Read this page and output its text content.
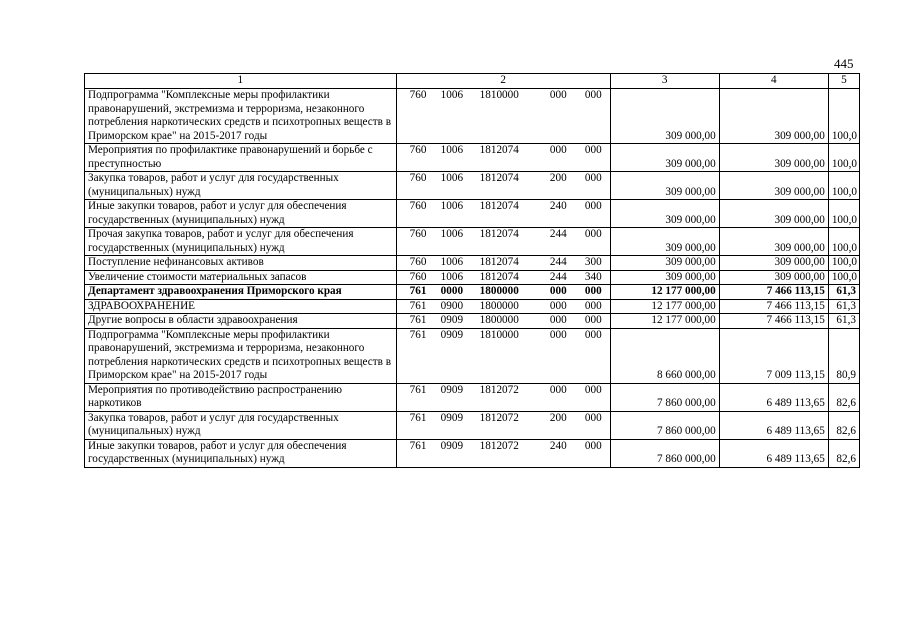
445
1	2	3	4	5
Подпрограмма "Комплексные меры профилактики правонарушений, экстремизма и терроризма, незаконного потребления наркотических средств и психотропных веществ в Приморском крае" на 2015-2017 годы	760 1006 1810000 000 000	309 000,00	309 000,00	100,0
Мероприятия по профилактике правонарушений и борьбе с преступностью	760 1006 1812074 000 000	309 000,00	309 000,00	100,0
Закупка товаров, работ и услуг для государственных (муниципальных) нужд	760 1006 1812074 200 000	309 000,00	309 000,00	100,0
Иные закупки товаров, работ и услуг для обеспечения государственных (муниципальных) нужд	760 1006 1812074 240 000	309 000,00	309 000,00	100,0
Прочая закупка товаров, работ и услуг для обеспечения государственных (муниципальных) нужд	760 1006 1812074 244 000	309 000,00	309 000,00	100,0
Поступление нефинансовых активов	760 1006 1812074 244 300	309 000,00	309 000,00	100,0
Увеличение стоимости материальных запасов	760 1006 1812074 244 340	309 000,00	309 000,00	100,0
Департамент здравоохранения Приморского края	761 0000 1800000 000 000	12 177 000,00	7 466 113,15	61,3
ЗДРАВООХРАНЕНИЕ	761 0900 1800000 000 000	12 177 000,00	7 466 113,15	61,3
Другие вопросы в области здравоохранения	761 0909 1800000 000 000	12 177 000,00	7 466 113,15	61,3
Подпрограмма "Комплексные меры профилактики правонарушений, экстремизма и терроризма, незаконного потребления наркотических средств и психотропных веществ в Приморском крае" на 2015-2017 годы	761 0909 1810000 000 000	8 660 000,00	7 009 113,15	80,9
Мероприятия по противодействию распространению наркотиков	761 0909 1812072 000 000	7 860 000,00	6 489 113,65	82,6
Закупка товаров, работ и услуг для государственных (муниципальных) нужд	761 0909 1812072 200 000	7 860 000,00	6 489 113,65	82,6
Иные закупки товаров, работ и услуг для обеспечения государственных (муниципальных) нужд	761 0909 1812072 240 000	7 860 000,00	6 489 113,65	82,6
